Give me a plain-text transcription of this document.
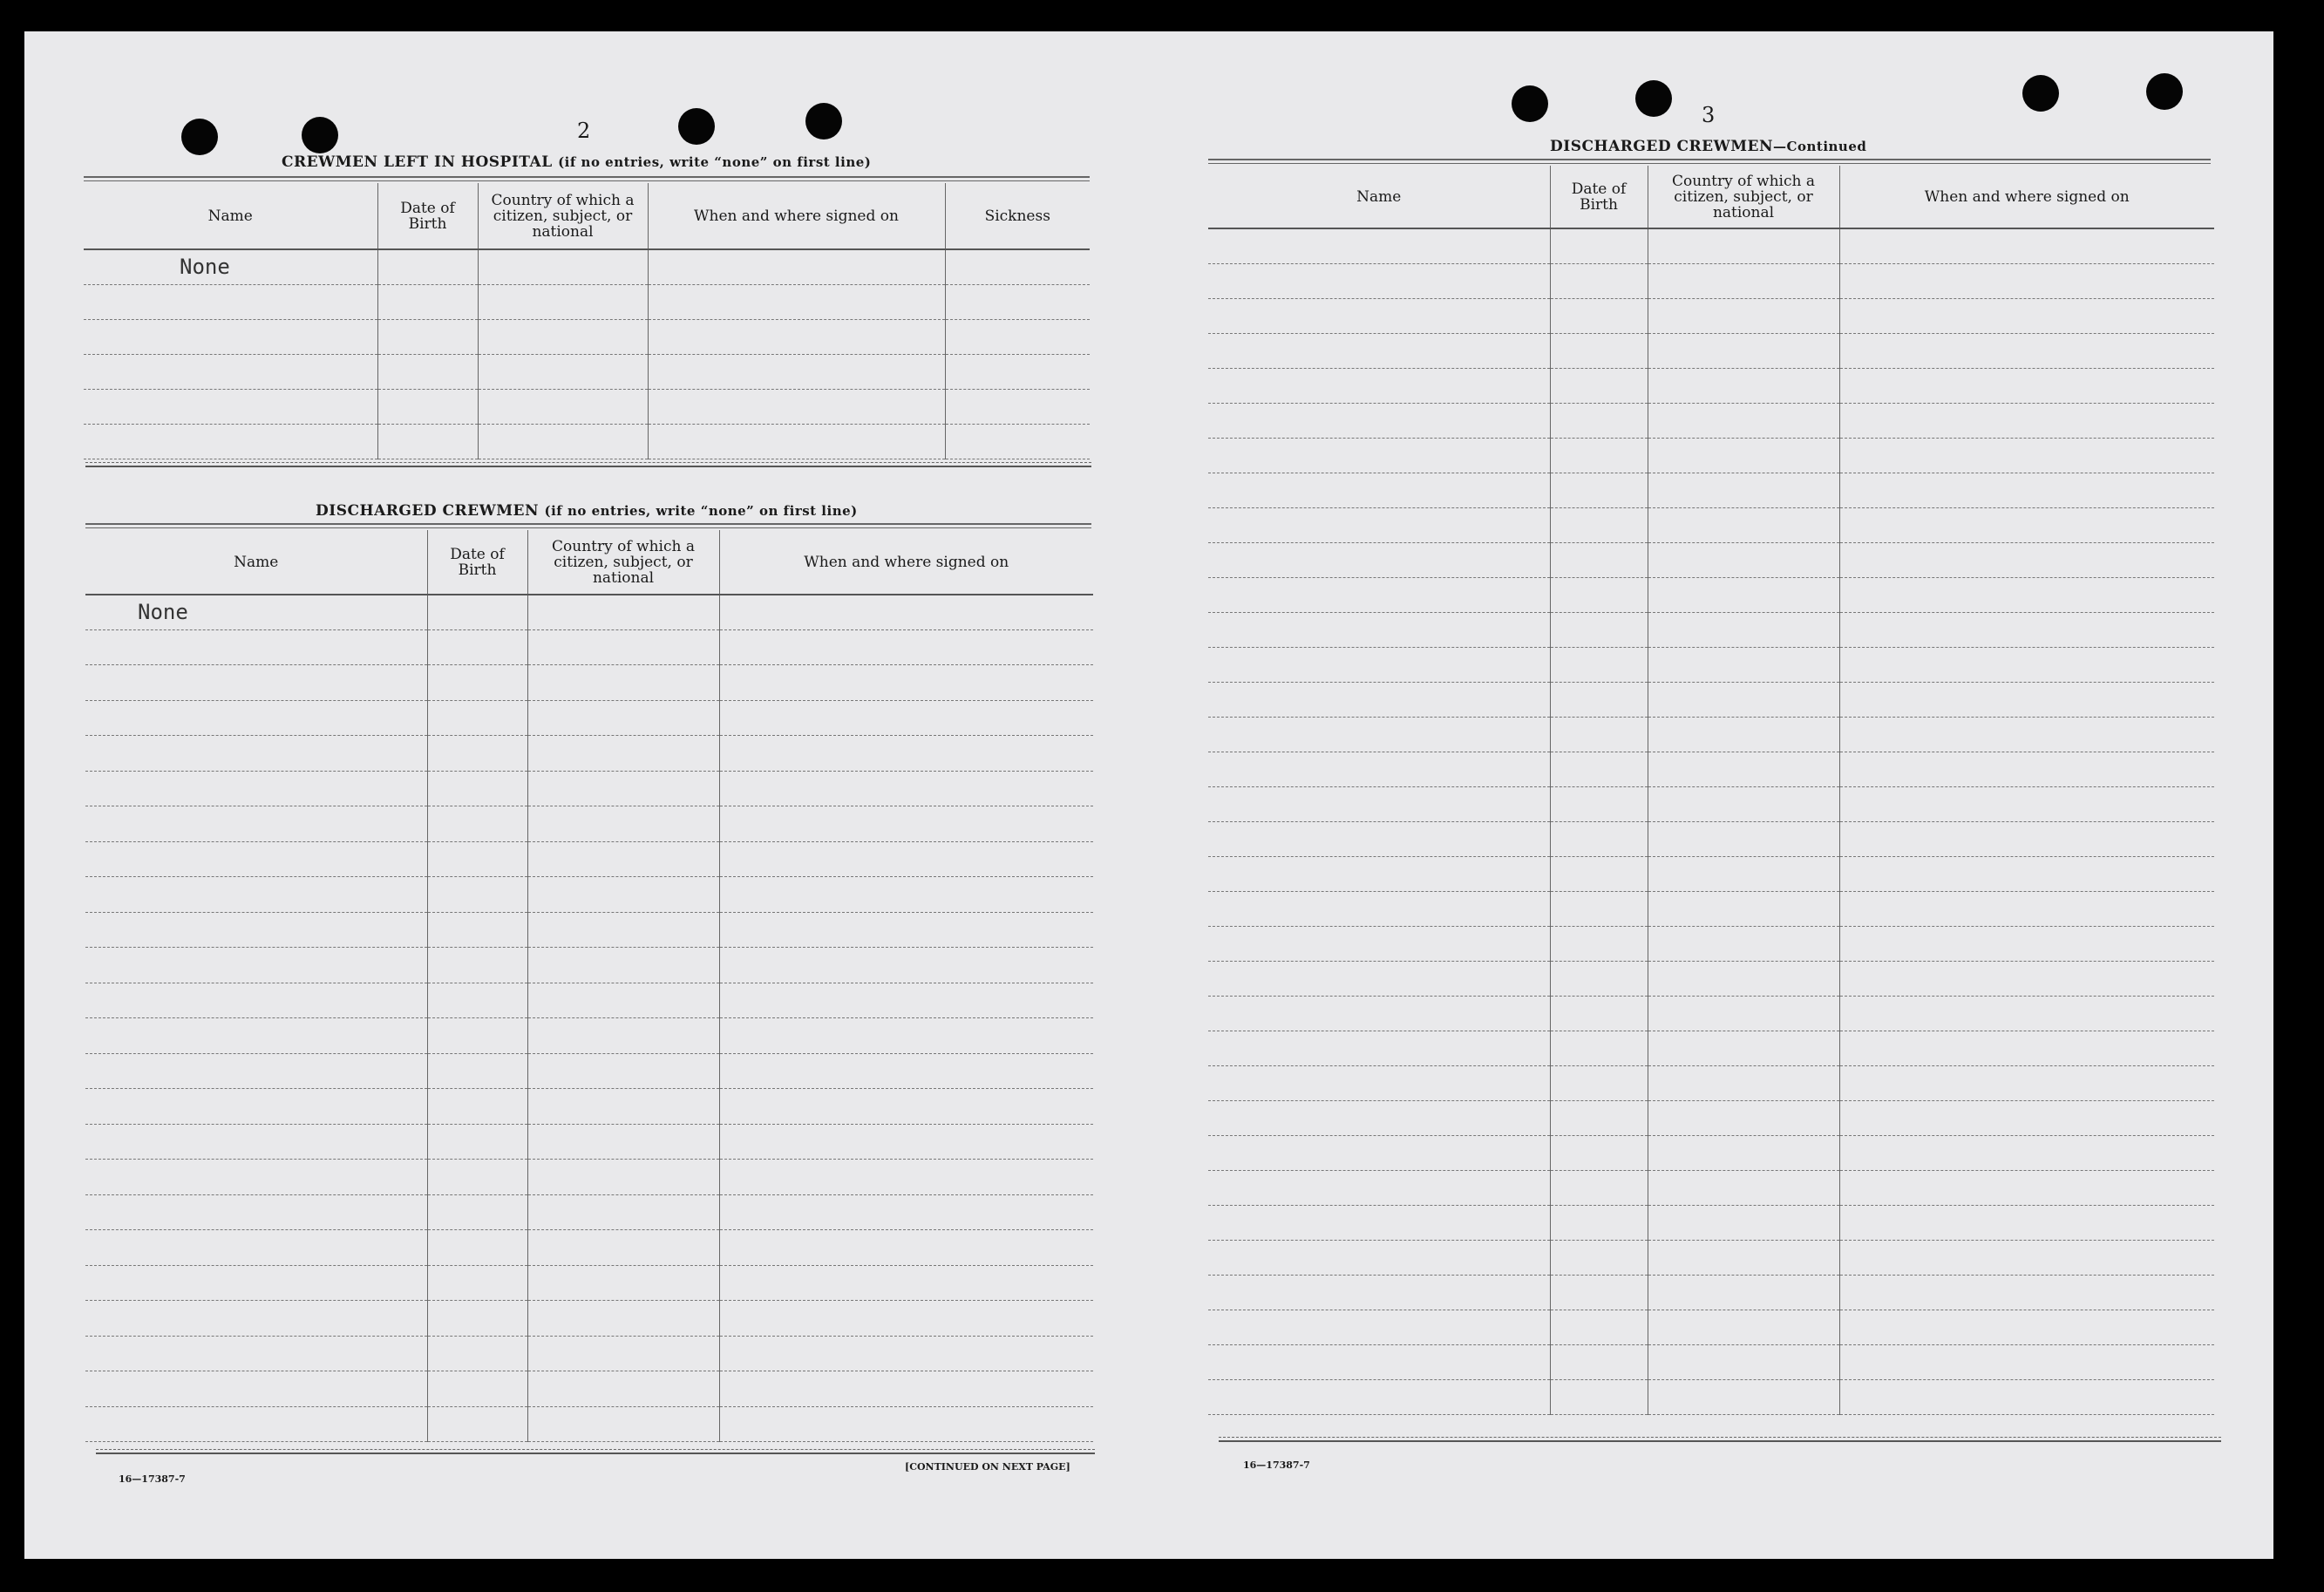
2
CREWMEN LEFT IN HOSPITAL (if no entries, write “none” on first line)
Name	Date of Birth	Country of which a citizen, subject, or national	When and where signed on	Sickness
None				

DISCHARGED CREWMEN (if no entries, write “none” on first line)
Name	Date of Birth	Country of which a citizen, subject, or national	When and where signed on
None			

16—17387-7
[CONTINUED ON NEXT PAGE]
3
DISCHARGED CREWMEN—Continued
Name	Date of Birth	Country of which a citizen, subject, or national	When and where signed on

16—17387-7
